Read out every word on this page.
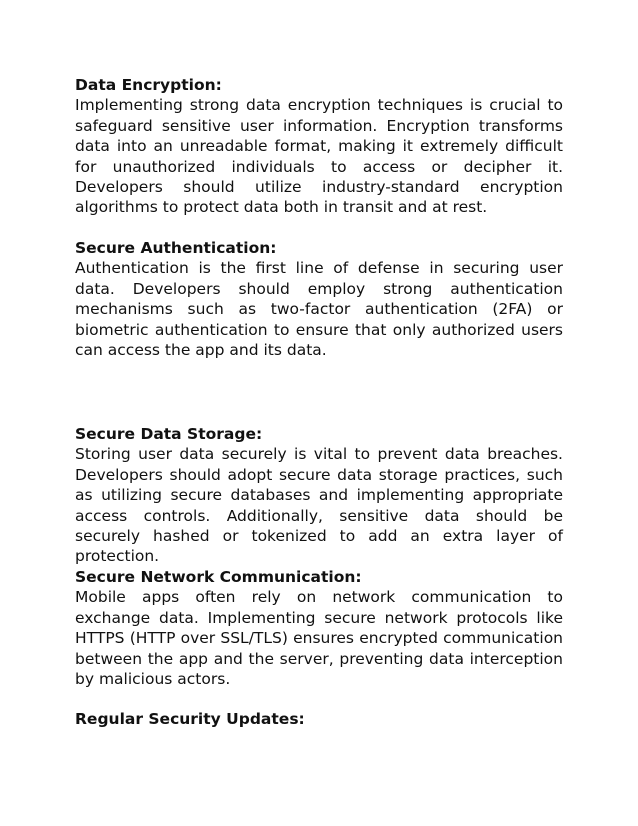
Data Encryption:

Implementing strong data encryption techniques is crucial to safeguard sensitive user information. Encryption transforms data into an unreadable format, making it extremely difficult for unauthorized individuals to access or decipher it. Developers should utilize industry-standard encryption algorithms to protect data both in transit and at rest.

Secure Authentication:

Authentication is the first line of defense in securing user data. Developers should employ strong authentication mechanisms such as two-factor authentication (2FA) or biometric authentication to ensure that only authorized users can access the app and its data.

Secure Data Storage:

Storing user data securely is vital to prevent data breaches. Developers should adopt secure data storage practices, such as utilizing secure databases and implementing appropriate access controls. Additionally, sensitive data should be securely hashed or tokenized to add an extra layer of protection.

Secure Network Communication:

Mobile apps often rely on network communication to exchange data. Implementing secure network protocols like HTTPS (HTTP over SSL/TLS) ensures encrypted communication between the app and the server, preventing data interception by malicious actors.

Regular Security Updates:
